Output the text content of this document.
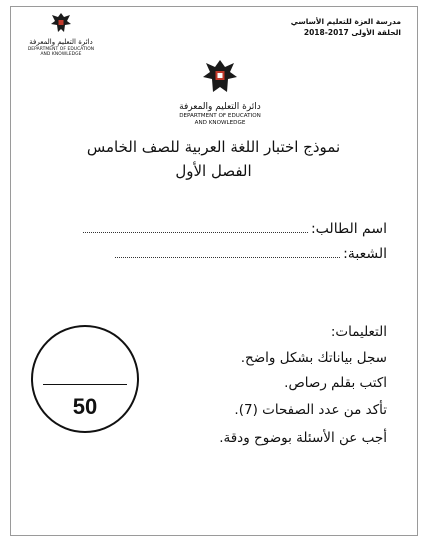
مدرسة العزة للتعليم الأساسي
الحلقة الأولى 2017-2018
دائرة التعليم والمعرفة
DEPARTMENT OF EDUCATION
AND KNOWLEDGE
دائرة التعليم والمعرفة
DEPARTMENT OF EDUCATION
AND KNOWLEDGE
نموذج اختبار اللغة العربية للصف الخامس
الفصل الأول
اسم الطالب:
الشعبة:
التعليمات:
سجل بياناتك بشكل واضح.
اكتب بقلم رصاص.
تأكد من عدد الصفحات (7).
أجب عن الأسئلة بوضوح ودقة.
50
